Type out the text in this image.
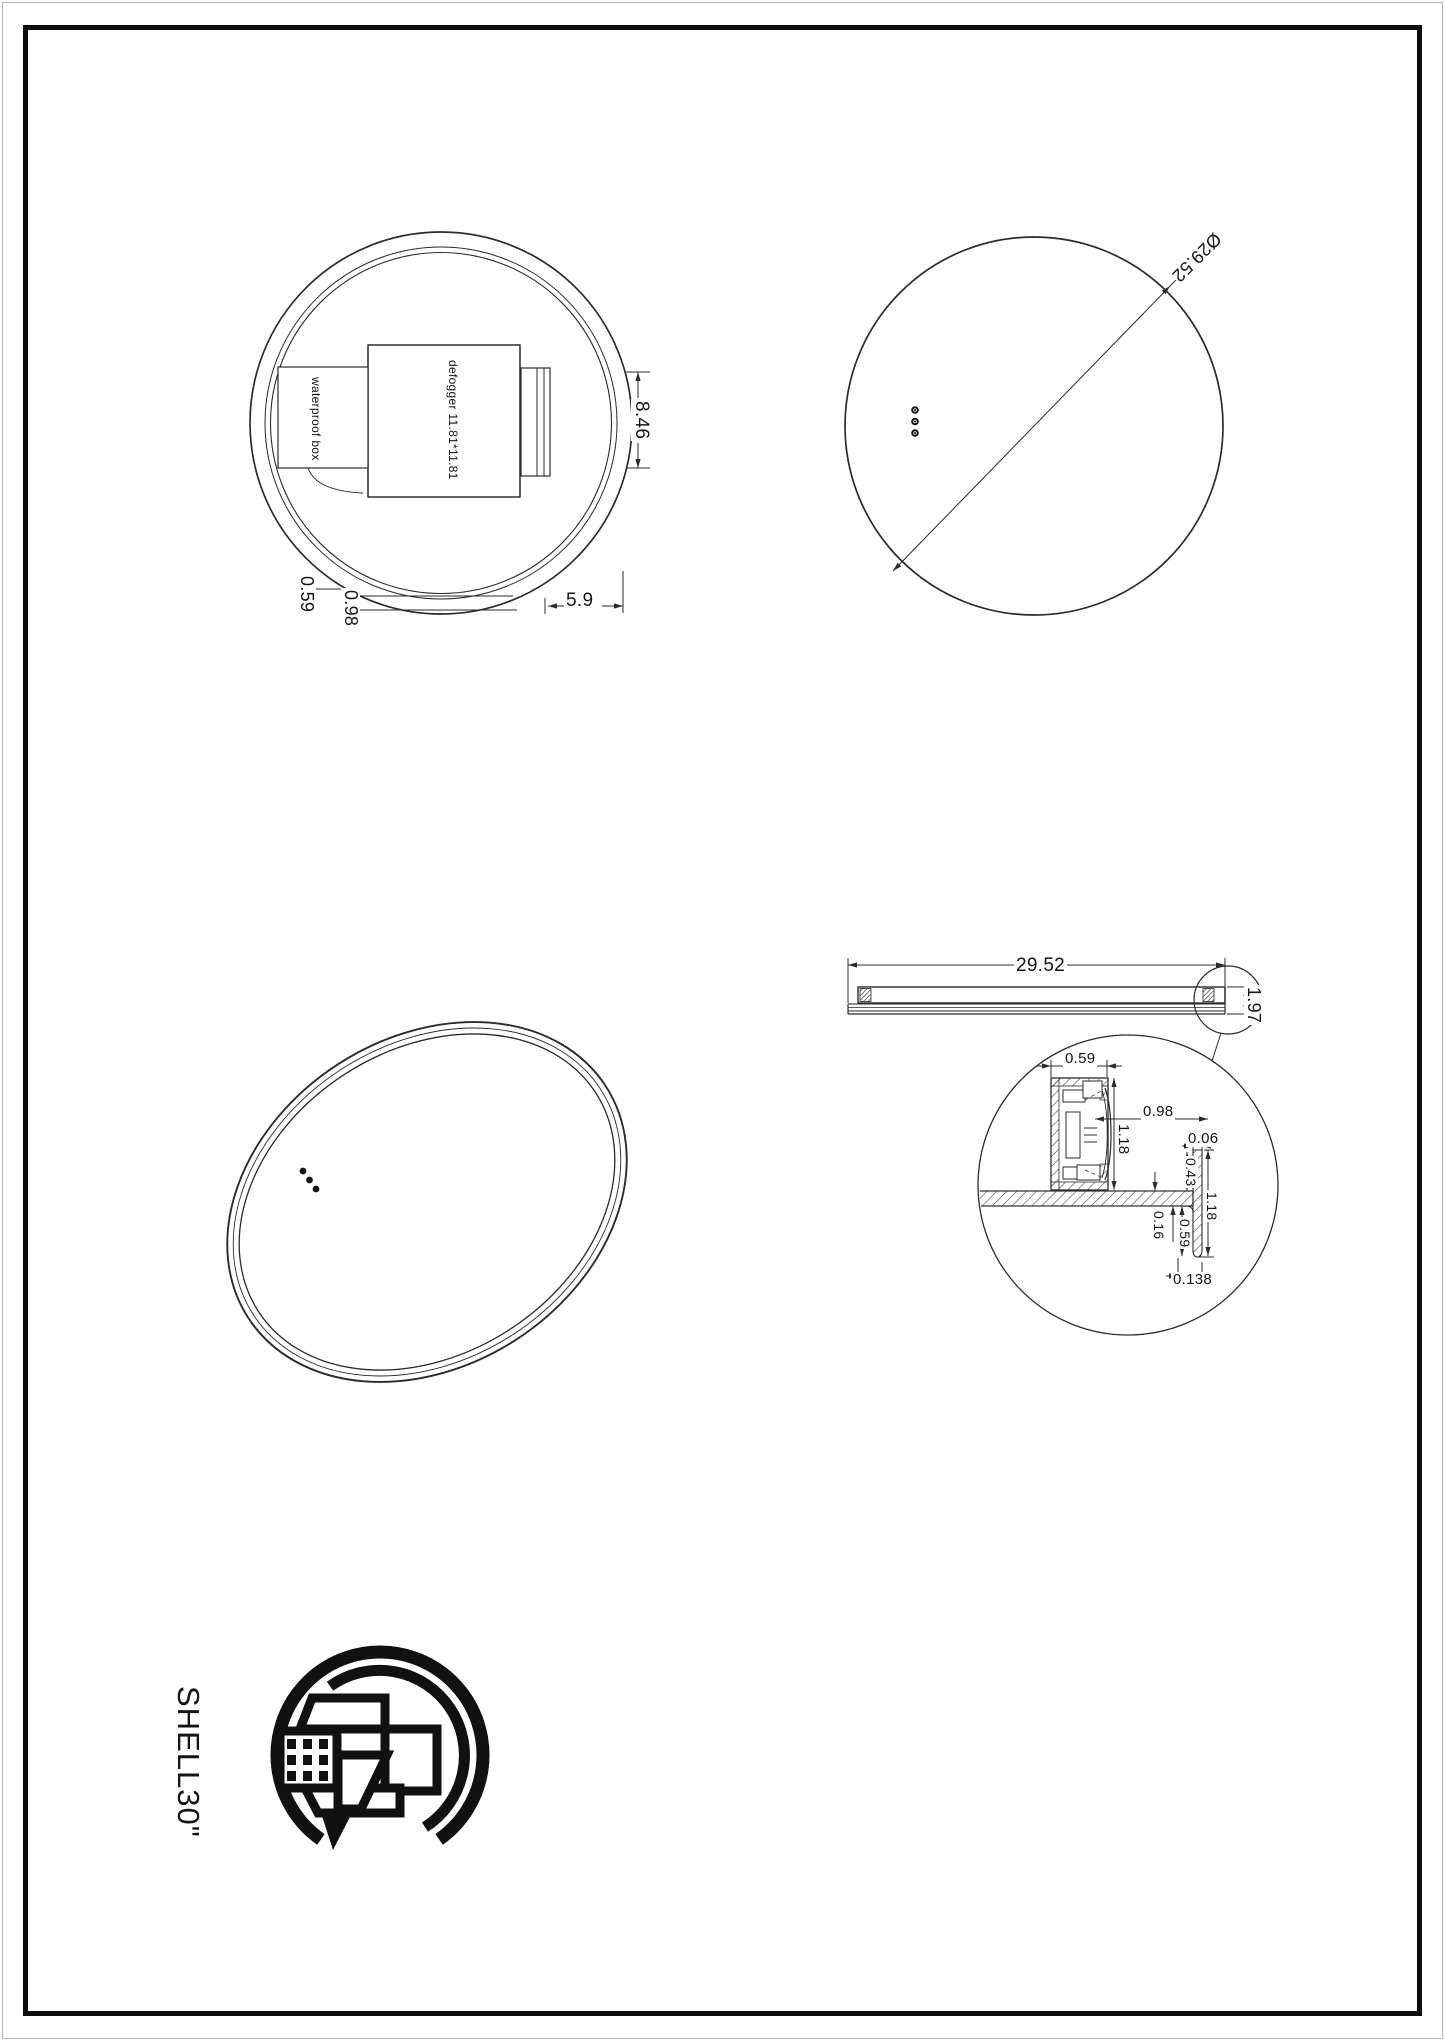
waterproof box	defogger 11.81*11.81	8.46
5.9
0.59 0.98
Ø29.52
29.52
1.97
0.59
0.98
0.06
1.18
0.43
1.18
0.16 0.59
0.138
SHELL30"
